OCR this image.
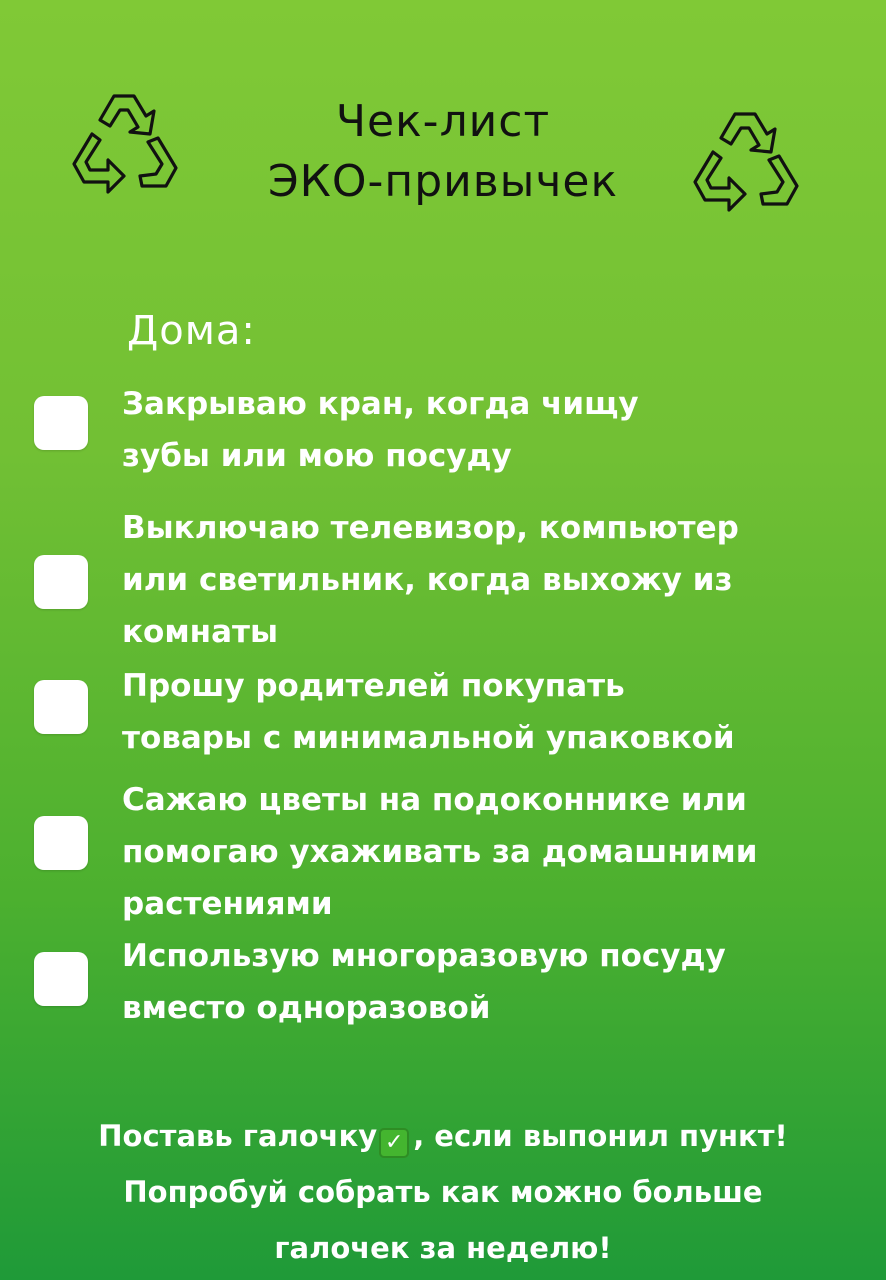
Чек-лист
ЭКО-привычек
Дома:
Закрываю кран, когда чищу
зубы или мою посуду
Выключаю телевизор, компьютер
или светильник, когда выхожу из
комнаты
Прошу родителей покупать
товары с минимальной упаковкой
Сажаю цветы на подоконнике или
помогаю ухаживать за домашними
растениями
Использую многоразовую посуду
вместо одноразовой
Поставь галочку ✓ , если выпонил пункт!
Попробуй собрать как можно больше
галочек за неделю!
